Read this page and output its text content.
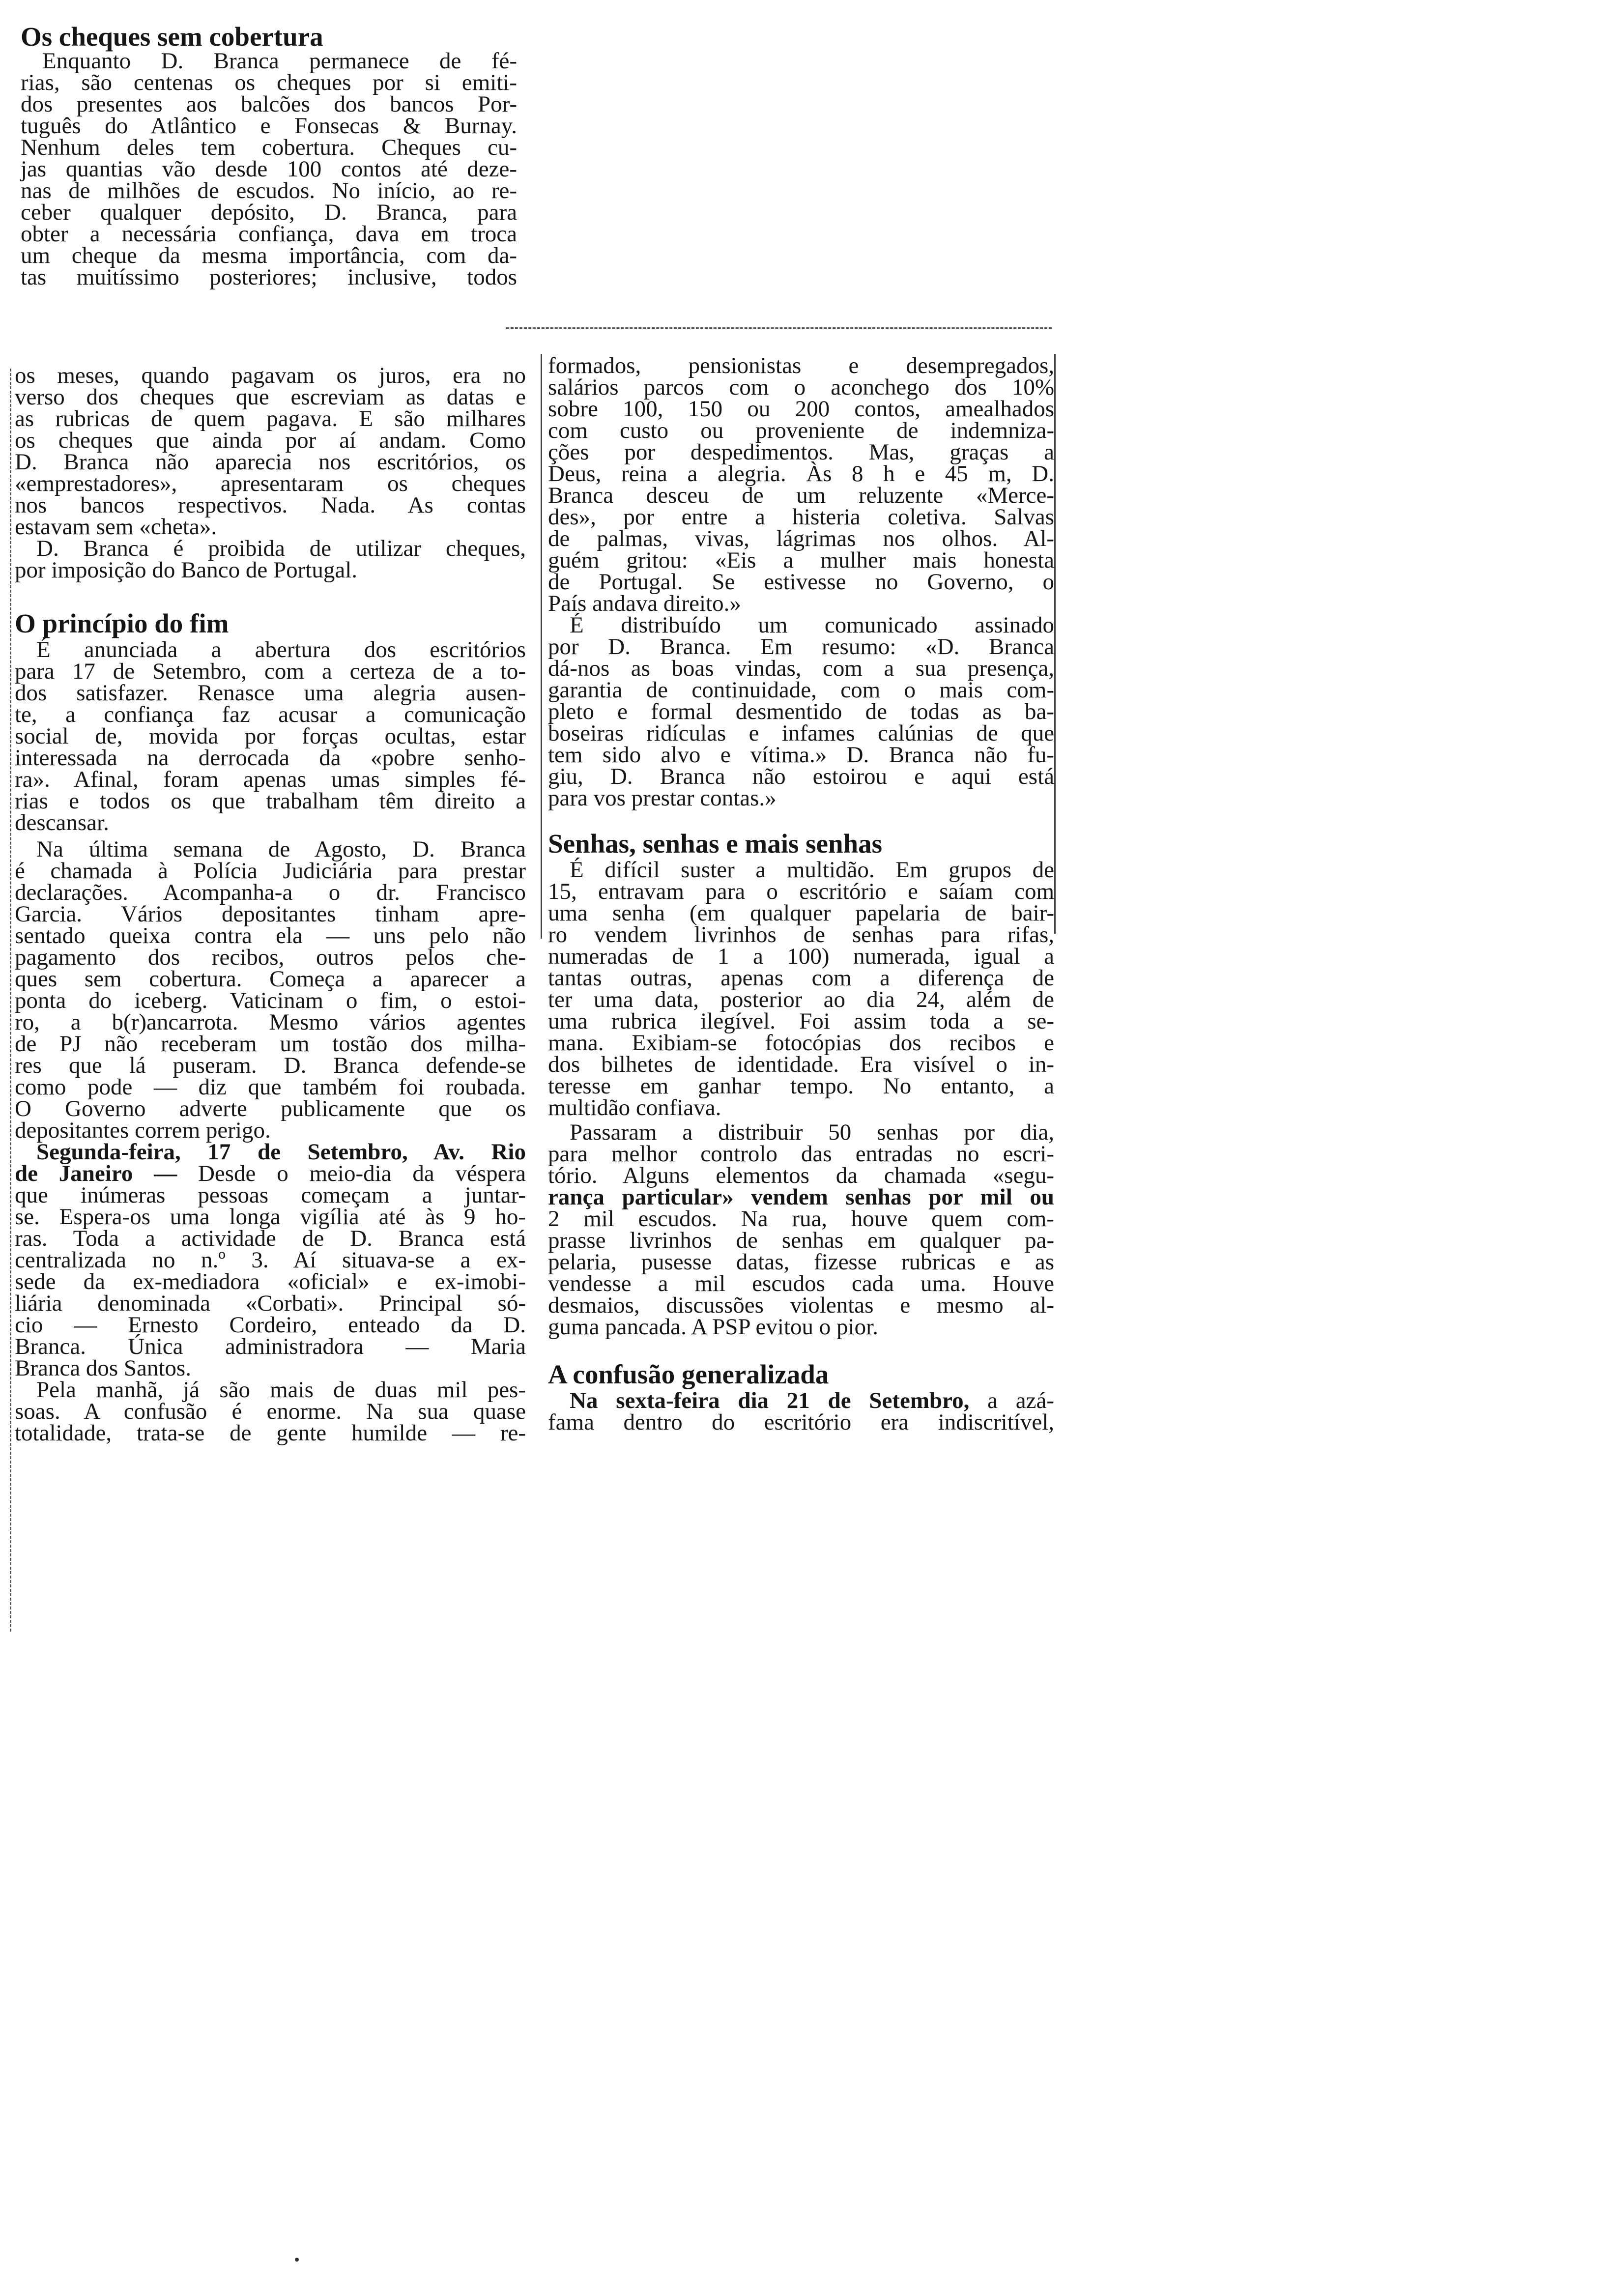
Os cheques sem cobertura
Enquanto D. Branca permanece de fé-
rias, são centenas os cheques por si emiti-
dos presentes aos balcões dos bancos Por-
tuguês do Atlântico e Fonsecas & Burnay.
Nenhum deles tem cobertura. Cheques cu-
jas quantias vão desde 100 contos até deze-
nas de milhões de escudos. No início, ao re-
ceber qualquer depósito, D. Branca, para
obter a necessária confiança, dava em troca
um cheque da mesma importância, com da-
tas muitíssimo posteriores; inclusive, todos
os meses, quando pagavam os juros, era no
verso dos cheques que escreviam as datas e
as rubricas de quem pagava. E são milhares
os cheques que ainda por aí andam. Como
D. Branca não aparecia nos escritórios, os
«emprestadores», apresentaram os cheques
nos bancos respectivos. Nada. As contas
estavam sem «cheta».
D. Branca é proibida de utilizar cheques,
por imposição do Banco de Portugal.
O princípio do fim
É anunciada a abertura dos escritórios
para 17 de Setembro, com a certeza de a to-
dos satisfazer. Renasce uma alegria ausen-
te, a confiança faz acusar a comunicação
social de, movida por forças ocultas, estar
interessada na derrocada da «pobre senho-
ra». Afinal, foram apenas umas simples fé-
rias e todos os que trabalham têm direito a
descansar.
Na última semana de Agosto, D. Branca
é chamada à Polícia Judiciária para prestar
declarações. Acompanha-a o dr. Francisco
Garcia. Vários depositantes tinham apre-
sentado queixa contra ela — uns pelo não
pagamento dos recibos, outros pelos che-
ques sem cobertura. Começa a aparecer a
ponta do iceberg. Vaticinam o fim, o estoi-
ro, a b(r)ancarrota. Mesmo vários agentes
de PJ não receberam um tostão dos milha-
res que lá puseram. D. Branca defende-se
como pode — diz que também foi roubada.
O Governo adverte publicamente que os
depositantes correm perigo.
Segunda-feira, 17 de Setembro, Av. Rio
de Janeiro — Desde o meio-dia da véspera
que inúmeras pessoas começam a juntar-
se. Espera-os uma longa vigília até às 9 ho-
ras. Toda a actividade de D. Branca está
centralizada no n.º 3. Aí situava-se a ex-
sede da ex-mediadora «oficial» e ex-imobi-
liária denominada «Corbati». Principal só-
cio — Ernesto Cordeiro, enteado da D.
Branca. Única administradora — Maria
Branca dos Santos.
Pela manhã, já são mais de duas mil pes-
soas. A confusão é enorme. Na sua quase
totalidade, trata-se de gente humilde — re-
formados, pensionistas e desempregados,
salários parcos com o aconchego dos 10%
sobre 100, 150 ou 200 contos, amealhados
com custo ou proveniente de indemniza-
ções por despedimentos. Mas, graças a
Deus, reina a alegria. Às 8 h e 45 m, D.
Branca desceu de um reluzente «Merce-
des», por entre a histeria coletiva. Salvas
de palmas, vivas, lágrimas nos olhos. Al-
guém gritou: «Eis a mulher mais honesta
de Portugal. Se estivesse no Governo, o
País andava direito.»
É distribuído um comunicado assinado
por D. Branca. Em resumo: «D. Branca
dá-nos as boas vindas, com a sua presença,
garantia de continuidade, com o mais com-
pleto e formal desmentido de todas as ba-
boseiras ridículas e infames calúnias de que
tem sido alvo e vítima.» D. Branca não fu-
giu, D. Branca não estoirou e aqui está
para vos prestar contas.»
Senhas, senhas e mais senhas
É difícil suster a multidão. Em grupos de
15, entravam para o escritório e saíam com
uma senha (em qualquer papelaria de bair-
ro vendem livrinhos de senhas para rifas,
numeradas de 1 a 100) numerada, igual a
tantas outras, apenas com a diferença de
ter uma data, posterior ao dia 24, além de
uma rubrica ilegível. Foi assim toda a se-
mana. Exibiam-se fotocópias dos recibos e
dos bilhetes de identidade. Era visível o in-
teresse em ganhar tempo. No entanto, a
multidão confiava.
Passaram a distribuir 50 senhas por dia,
para melhor controlo das entradas no escri-
tório. Alguns elementos da chamada «segu-
rança particular» vendem senhas por mil ou
2 mil escudos. Na rua, houve quem com-
prasse livrinhos de senhas em qualquer pa-
pelaria, pusesse datas, fizesse rubricas e as
vendesse a mil escudos cada uma. Houve
desmaios, discussões violentas e mesmo al-
guma pancada. A PSP evitou o pior.
A confusão generalizada
Na sexta-feira dia 21 de Setembro, a azá-
fama dentro do escritório era indiscritível,
